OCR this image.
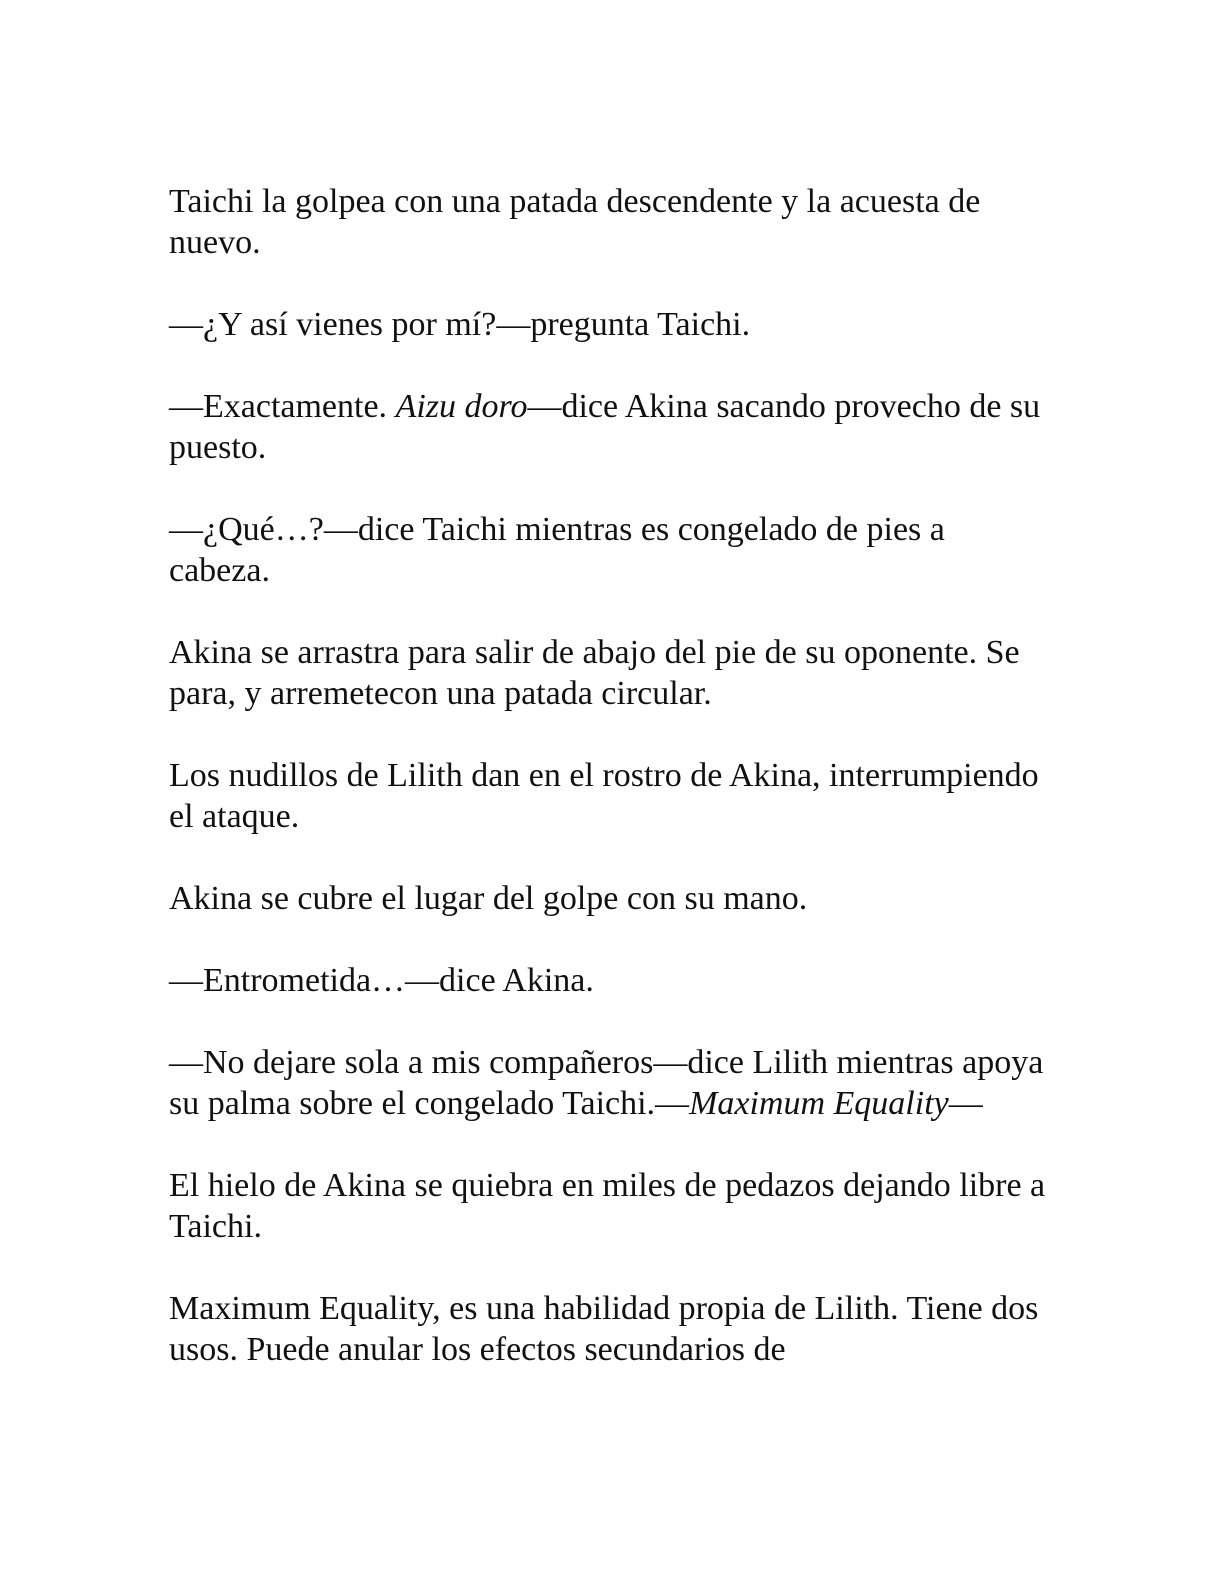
Taichi la golpea con una patada descendente y la acuesta de nuevo.

—¿Y así vienes por mí?—pregunta Taichi.

—Exactamente. Aizu doro—dice Akina sacando provecho de su puesto.

—¿Qué…?—dice Taichi mientras es congelado de pies a cabeza.

Akina se arrastra para salir de abajo del pie de su oponente. Se para, y arremetecon una patada circular.

Los nudillos de Lilith dan en el rostro de Akina, interrumpiendo el ataque.

Akina se cubre el lugar del golpe con su mano.

—Entrometida…—dice Akina.

—No dejare sola a mis compañeros—dice Lilith mientras apoya su palma sobre el congelado Taichi.—Maximum Equality—

El hielo de Akina se quiebra en miles de pedazos dejando libre a Taichi.

Maximum Equality, es una habilidad propia de Lilith. Tiene dos usos. Puede anular los efectos secundarios de
